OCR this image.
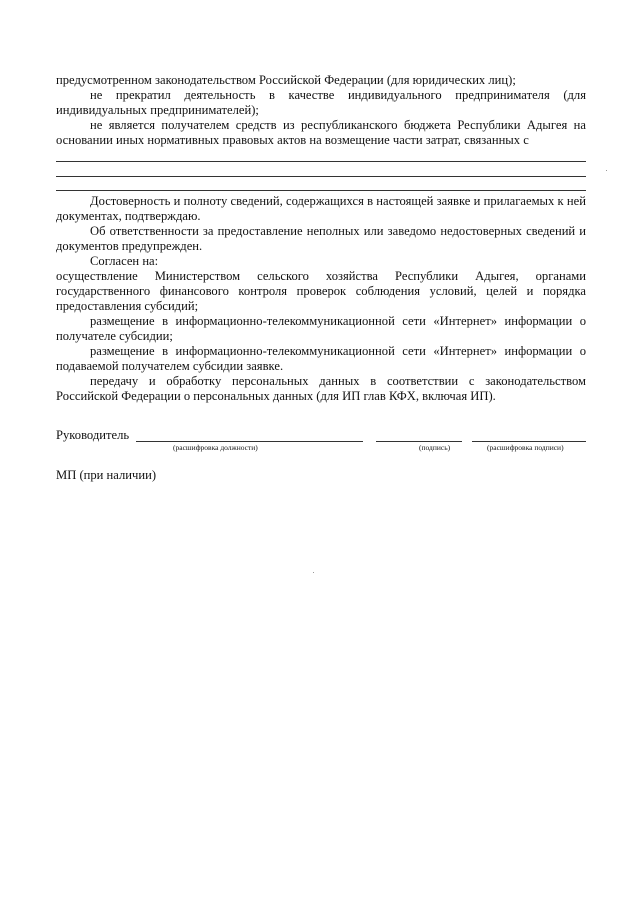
предусмотренном законодательством Российской Федерации (для юридических лиц);

не прекратил деятельность в качестве индивидуального предпринимателя (для индивидуальных предпринимателей);

не является получателем средств из республиканского бюджета Республики Адыгея на основании иных нормативных правовых актов на возмещение части затрат, связанных с

Достоверность и полноту сведений, содержащихся в настоящей заявке и прилагаемых к ней документах, подтверждаю.

Об ответственности за предоставление неполных или заведомо недостоверных сведений и документов предупрежден.

Согласен на:

осуществление Министерством сельского хозяйства Республики Адыгея, органами государственного финансового контроля проверок соблюдения условий, целей и порядка предоставления субсидий;

размещение в информационно-телекоммуникационной сети «Интернет» информации о получателе субсидии;

размещение в информационно-телекоммуникационной сети «Интернет» информации о подаваемой получателем субсидии заявке.

передачу и обработку персональных данных в соответствии с законодательством Российской Федерации о персональных данных (для ИП глав КФХ, включая ИП).

Руководитель
(расшифровка должности)	(подпись)	(расшифровка подписи)
МП (при наличии)
